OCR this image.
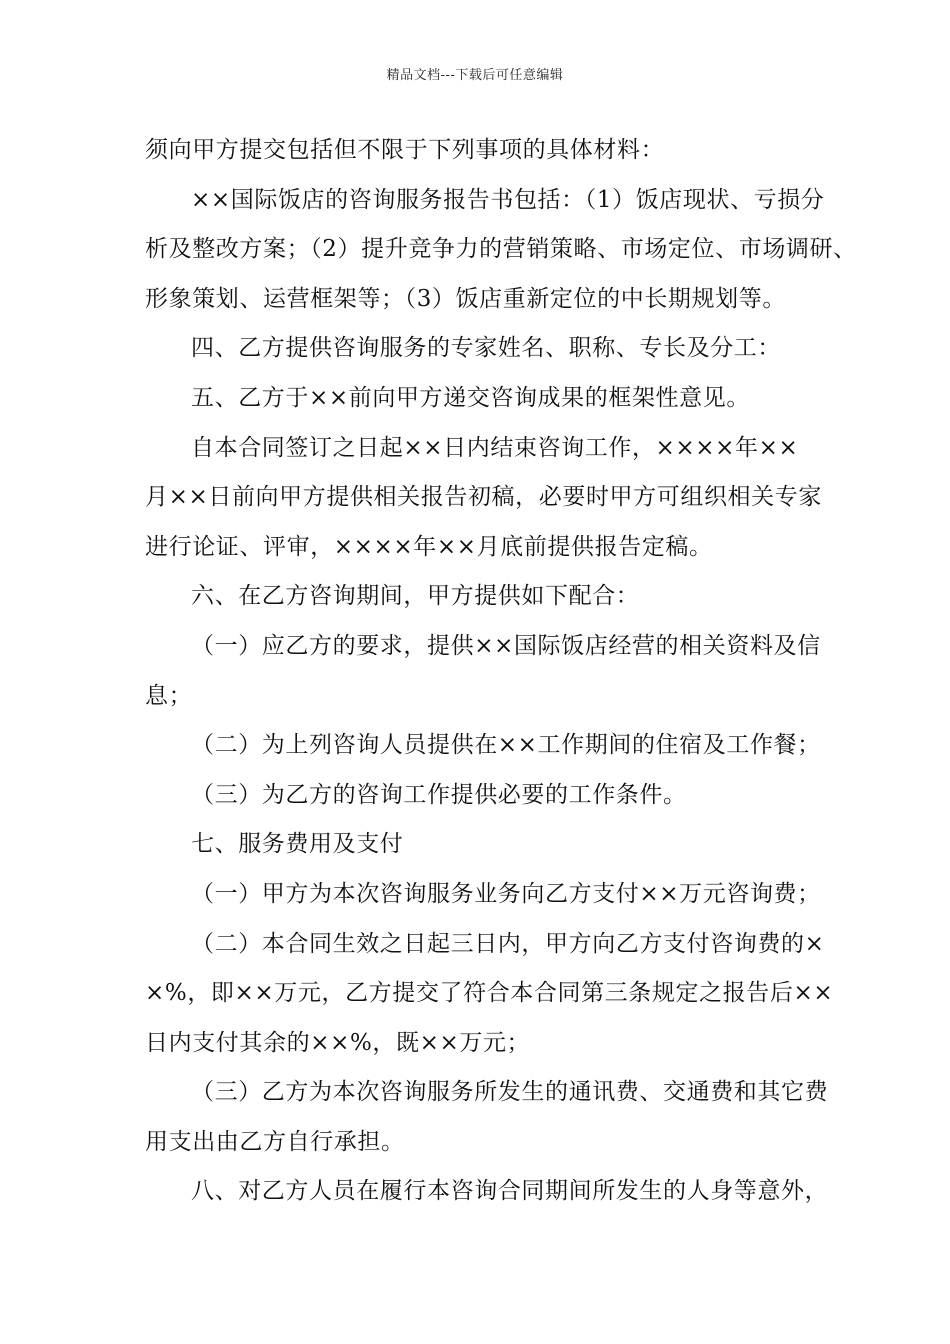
精品文档---下载后可任意编辑
须向甲方提交包括但不限于下列事项的具体材料：
××国际饭店的咨询服务报告书包括：（1）饭店现状、亏损分
析及整改方案；（2）提升竞争力的营销策略、市场定位、市场调研、
形象策划、运营框架等；（3）饭店重新定位的中长期规划等。
四、乙方提供咨询服务的专家姓名、职称、专长及分工：
五、乙方于××前向甲方递交咨询成果的框架性意见。
自本合同签订之日起××日内结束咨询工作，××××年××
月××日前向甲方提供相关报告初稿，必要时甲方可组织相关专家
进行论证、评审，××××年××月底前提供报告定稿。
六、在乙方咨询期间，甲方提供如下配合：
（一）应乙方的要求，提供××国际饭店经营的相关资料及信
息；
（二）为上列咨询人员提供在××工作期间的住宿及工作餐；
（三）为乙方的咨询工作提供必要的工作条件。
七、服务费用及支付
（一）甲方为本次咨询服务业务向乙方支付××万元咨询费；
（二）本合同生效之日起三日内，甲方向乙方支付咨询费的×
×%，即××万元，乙方提交了符合本合同第三条规定之报告后××
日内支付其余的××%，既××万元；
（三）乙方为本次咨询服务所发生的通讯费、交通费和其它费
用支出由乙方自行承担。
八、对乙方人员在履行本咨询合同期间所发生的人身等意外，
